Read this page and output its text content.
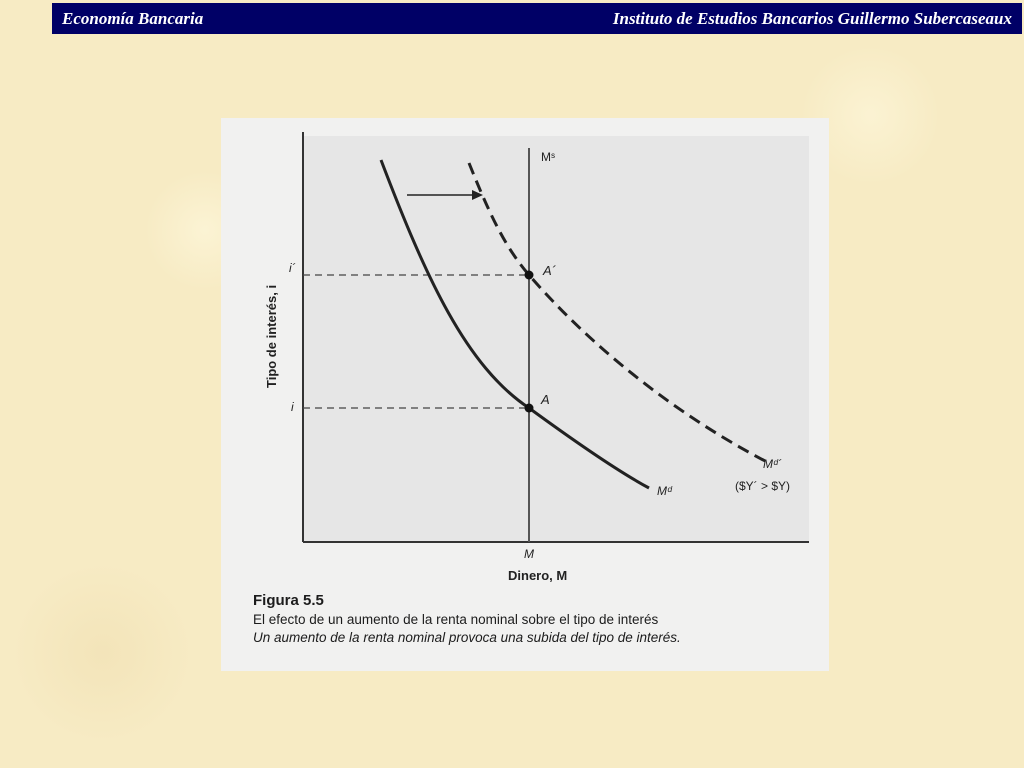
Economía Bancaria	Instituto de Estudios Bancarios Guillermo Subercaseaux
Mˢ
A´
A
Mᵈ
Mᵈ´
($Y´ > $Y)
i´
i
M
Tipo de interés, i
Dinero, M
Figura 5.5
El efecto de un aumento de la renta nominal sobre el tipo de interés
Un aumento de la renta nominal provoca una subida del tipo de interés.
